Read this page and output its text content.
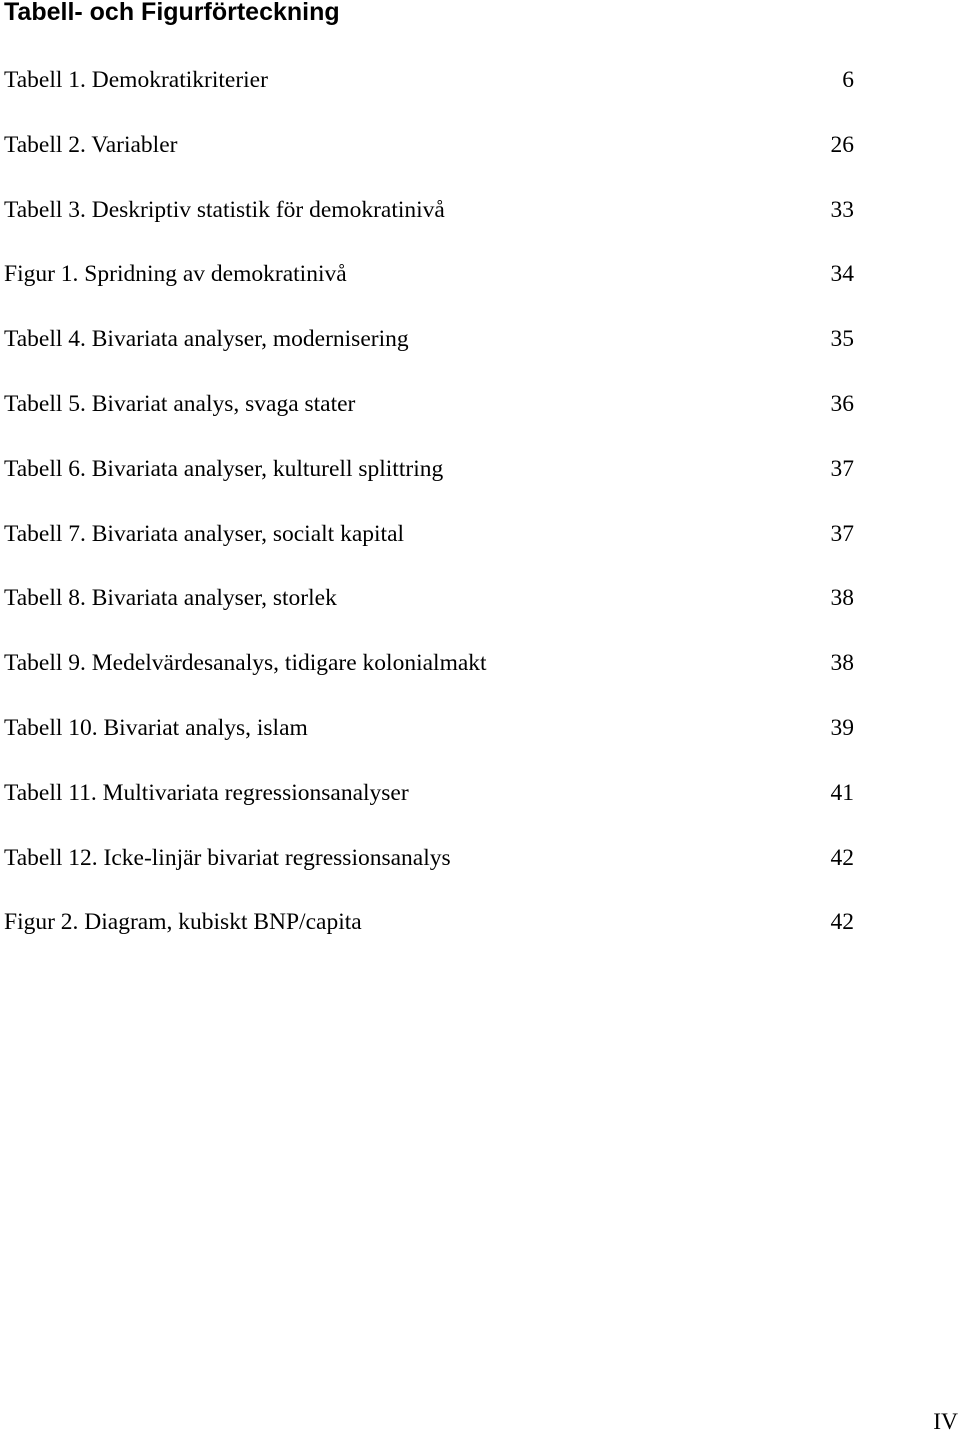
Tabell- och Figurförteckning
Tabell 1. Demokratikriterier	6
Tabell 2. Variabler	26
Tabell 3. Deskriptiv statistik för demokratinivå	33
Figur 1. Spridning av demokratinivå	34
Tabell 4. Bivariata analyser, modernisering	35
Tabell 5. Bivariat analys, svaga stater	36
Tabell 6. Bivariata analyser, kulturell splittring	37
Tabell 7. Bivariata analyser, socialt kapital	37
Tabell 8. Bivariata analyser, storlek	38
Tabell 9. Medelvärdesanalys, tidigare kolonialmakt	38
Tabell 10. Bivariat analys, islam	39
Tabell 11. Multivariata regressionsanalyser	41
Tabell 12. Icke-linjär bivariat regressionsanalys	42
Figur 2. Diagram, kubiskt BNP/capita	42
IV
